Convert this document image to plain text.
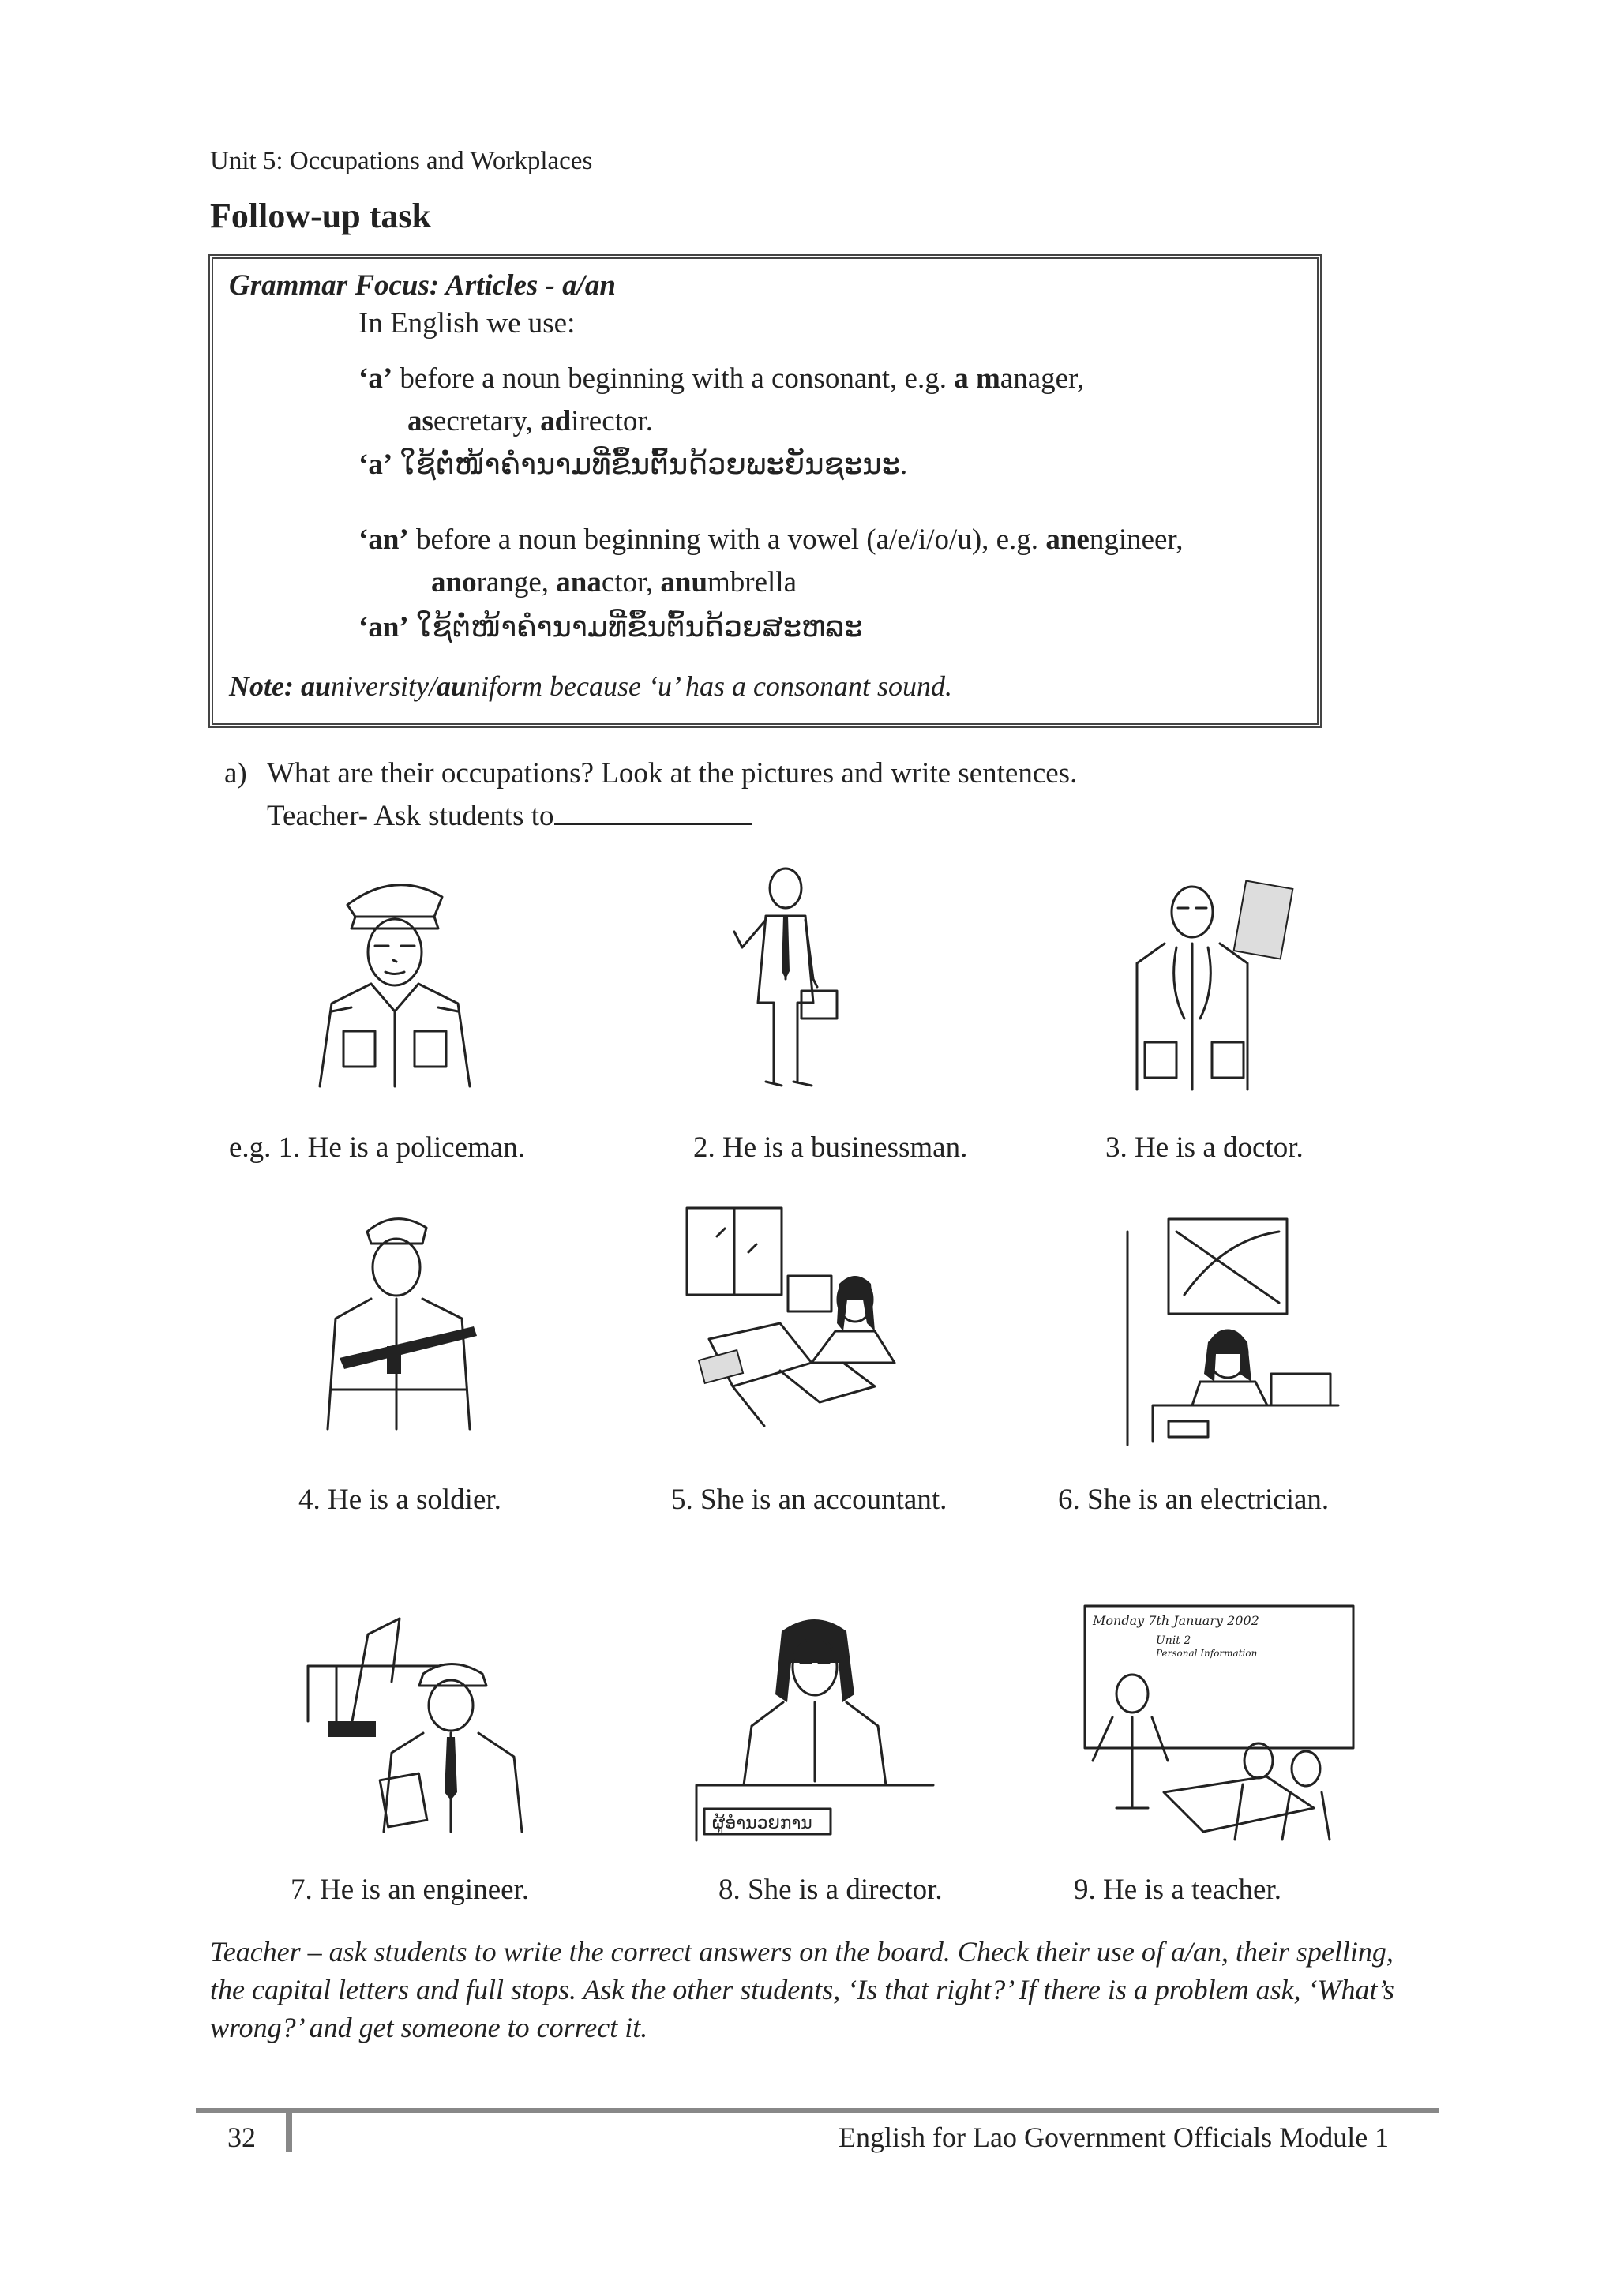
Unit 5: Occupations and Workplaces
Follow-up task
Grammar Focus: Articles - a/an
In English we use:
‘a’ before a noun beginning with a consonant, e.g. a manager,
asecretary, adirector.
‘a’ ໃຊ້ຕໍ່ໜ້າຄໍານາມທີ່ຂຶ້ນຕົ້ນດ້ວຍພະຍັນຊະນະ.
‘an’ before a noun beginning with a vowel (a/e/i/o/u), e.g. anengineer,
anorange, anactor, anumbrella
‘an’ ໃຊ້ຕໍ່ໜ້າຄໍານາມທີ່ຂຶ້ນຕົ້ນດ້ວຍສະຫລະ
Note: auniversity/auniform because ‘u’ has a consonant sound.
a) What are their occupations? Look at the pictures and write sentences.
Teacher- Ask students to
e.g. 1. He is a policeman.	2. He is a businessman.	3. He is a doctor.
4. He is a soldier.	5. She is an accountant.	6. She is an electrician.
ຜູ້ອໍານວຍການ
Monday 7th January 2002
Unit 2
Personal Information
7. He is an engineer.	8. She is a director.	9. He is a teacher.
Teacher – ask students to write the correct answers on the board. Check their use of a/an, their spelling, the capital letters and full stops. Ask the other students, ‘Is that right?’ If there is a problem ask, ‘What’s wrong?’ and get someone to correct it.
32	English for Lao Government Officials Module 1
